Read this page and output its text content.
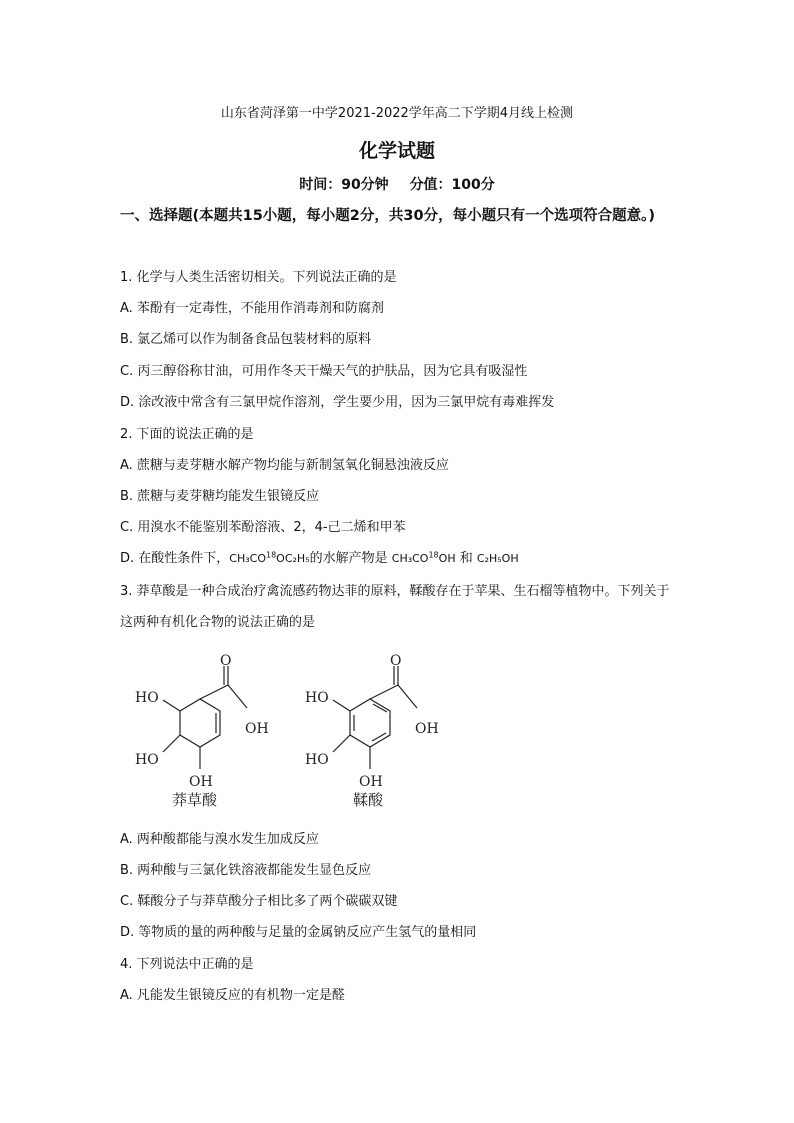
山东省菏泽第一中学2021-2022学年高二下学期4月线上检测
化学试题
时间：90分钟 分值：100分
一、选择题(本题共15小题，每小题2分，共30分，每小题只有一个选项符合题意。)
1. 化学与人类生活密切相关。下列说法正确的是
A. 苯酚有一定毒性，不能用作消毒剂和防腐剂
B. 氯乙烯可以作为制备食品包装材料的原料
C. 丙三醇俗称甘油，可用作冬天干燥天气的护肤品，因为它具有吸湿性
D. 涂改液中常含有三氯甲烷作溶剂，学生要少用，因为三氯甲烷有毒难挥发
2. 下面的说法正确的是
A. 蔗糖与麦芽糖水解产物均能与新制氢氧化铜悬浊液反应
B. 蔗糖与麦芽糖均能发生银镜反应
C. 用溴水不能鉴别苯酚溶液、2，4-己二烯和甲苯
D. 在酸性条件下，CH₃CO$^{18}$OC₂H₅的水解产物是 CH₃CO$^{18}$OH 和 C₂H₅OH
3. 莽草酸是一种合成治疗禽流感药物达菲的原料，鞣酸存在于苹果、生石榴等植物中。下列关于这两种有机化合物的说法正确的是
O
OH
HO
HO
OH
O
OH
HO
HO
OH
莽草酸	鞣酸
A. 两种酸都能与溴水发生加成反应
B. 两种酸与三氯化铁溶液都能发生显色反应
C. 鞣酸分子与莽草酸分子相比多了两个碳碳双键
D. 等物质的量的两种酸与足量的金属钠反应产生氢气的量相同
4. 下列说法中正确的是
A. 凡能发生银镜反应的有机物一定是醛
